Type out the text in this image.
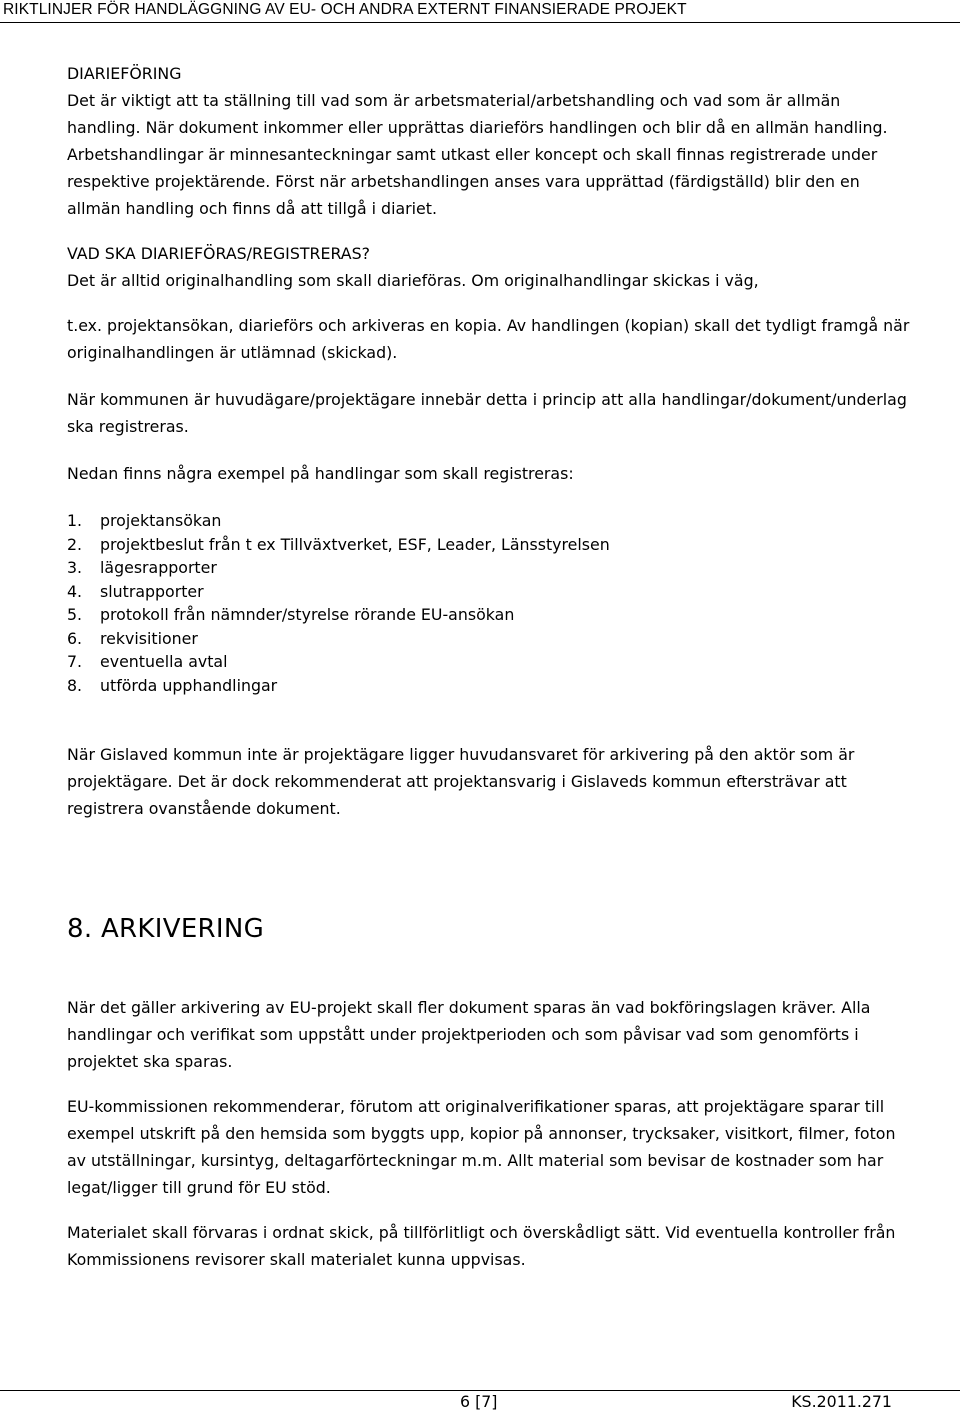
RIKTLINJER FÖR HANDLÄGGNING AV EU- OCH ANDRA EXTERNT FINANSIERADE PROJEKT

DIARIEFÖRING

Det är viktigt att ta ställning till vad som är arbetsmaterial/arbetshandling och vad som är allmän handling. När dokument inkommer eller upprättas diarieförs handlingen och blir då en allmän handling.

Arbetshandlingar är minnesanteckningar samt utkast eller koncept och skall finnas registrerade under respektive projektärende. Först när arbetshandlingen anses vara upprättad (färdigställd) blir den en allmän handling och finns då att tillgå i diariet.

VAD SKA DIARIEFÖRAS/REGISTRERAS?

Det är alltid originalhandling som skall diarieföras. Om originalhandlingar skickas i väg,

t.ex. projektansökan, diarieförs och arkiveras en kopia. Av handlingen (kopian) skall det tydligt framgå när originalhandlingen är utlämnad (skickad).

När kommunen är huvudägare/projektägare innebär detta i princip att alla handlingar/dokument/underlag ska registreras.

Nedan finns några exempel på handlingar som skall registreras:

1.	projektansökan
2.	projektbeslut från t ex Tillväxtverket, ESF, Leader, Länsstyrelsen
3.	lägesrapporter
4.	slutrapporter
5.	protokoll från nämnder/styrelse rörande EU-ansökan
6.	rekvisitioner
7.	eventuella avtal
8.	utförda upphandlingar

När Gislaved kommun inte är projektägare ligger huvudansvaret för arkivering på den aktör som är projektägare. Det är dock rekommenderat att projektansvarig i Gislaveds kommun eftersträvar att registrera ovanstående dokument.

8. ARKIVERING

När det gäller arkivering av EU-projekt skall fler dokument sparas än vad bokföringslagen kräver. Alla handlingar och verifikat som uppstått under projektperioden och som påvisar vad som genomförts i projektet ska sparas.

EU-kommissionen rekommenderar, förutom att originalverifikationer sparas, att projektägare sparar till exempel utskrift på den hemsida som byggts upp, kopior på annonser, trycksaker, visitkort, filmer, foton av utställningar, kursintyg, deltagarförteckningar m.m. Allt material som bevisar de kostnader som har legat/ligger till grund för EU stöd.

Materialet skall förvaras i ordnat skick, på tillförlitligt och överskådligt sätt. Vid eventuella kontroller från Kommissionens revisorer skall materialet kunna uppvisas.

6 [7]	KS.2011.271
